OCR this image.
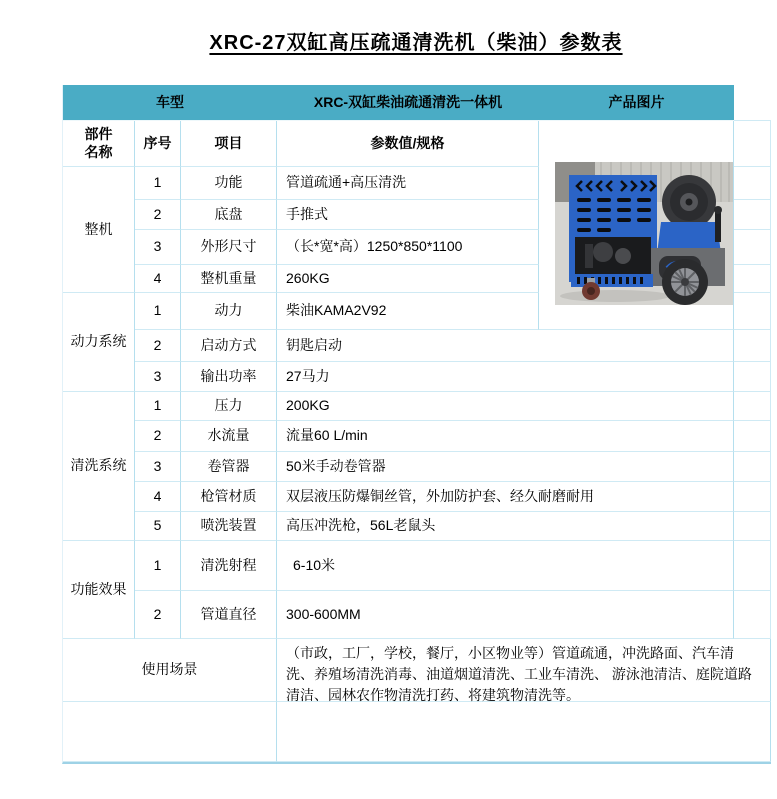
XRC-27双缸高压疏通清洗机（柴油）参数表
车型	XRC-双缸柴油疏通清洗一体机	产品图片
部件
名称
序号	项目	参数值/规格
整机
1	功能	管道疏通+高压清洗
2	底盘	手推式
3	外形尺寸	（长*宽*高）1250*850*1100
4	整机重量	260KG
动力系统
1	动力	柴油KAMA2V92
2	启动方式	钥匙启动
3	输出功率	27马力
清洗系统
1	压力	200KG
2	水流量	流量60 L/min
3	卷管器	50米手动卷管器
4	枪管材质	双层液压防爆铜丝管，外加防护套、经久耐磨耐用
5	喷洗装置	高压冲洗枪，56L老鼠头
功能效果
1	清洗射程	6-10米
2	管道直径	300-600MM
使用场景
（市政，工厂，学校，餐厅，小区物业等）管道疏通，冲洗路面、汽车清洗、养殖场清洗消毒、油道烟道清洗、工业车清洗、 游泳池清洁、庭院道路清洁、园林农作物清洗打药、将建筑物清洗等。
